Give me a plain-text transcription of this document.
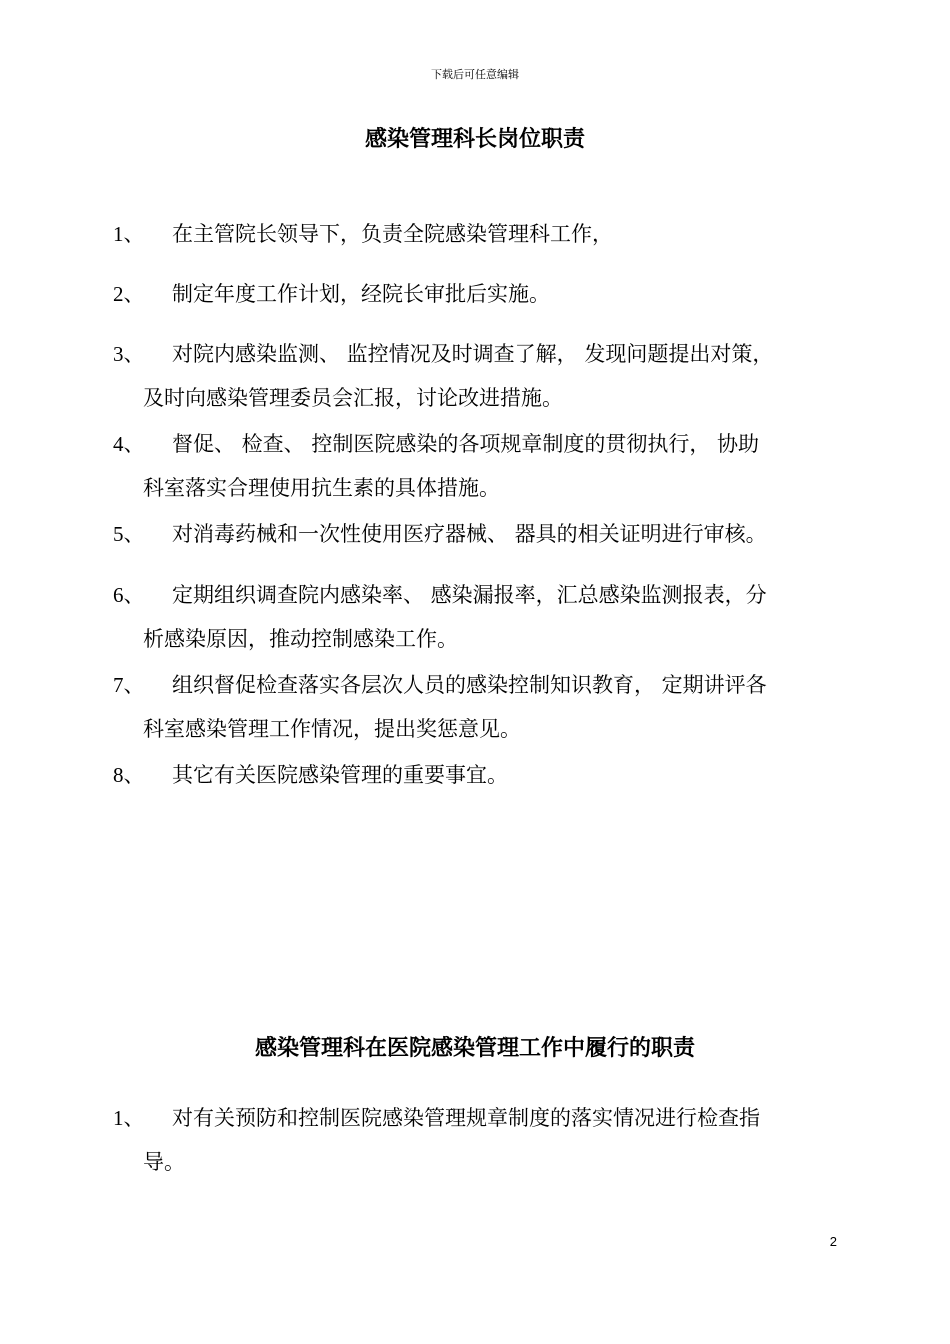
下载后可任意编辑
感染管理科长岗位职责
1、	在主管院长领导下，负责全院感染管理科工作，
2、	制定年度工作计划，经院长审批后实施。
3、	对院内感染监测、 监控情况及时调查了解， 发现问题提出对策，
及时向感染管理委员会汇报，讨论改进措施。
4、	督促、 检查、 控制医院感染的各项规章制度的贯彻执行， 协助
科室落实合理使用抗生素的具体措施。
5、	对消毒药械和一次性使用医疗器械、 器具的相关证明进行审核。
6、	定期组织调查院内感染率、 感染漏报率，汇总感染监测报表，分
析感染原因，推动控制感染工作。
7、	组织督促检查落实各层次人员的感染控制知识教育， 定期讲评各
科室感染管理工作情况，提出奖惩意见。
8、	其它有关医院感染管理的重要事宜。
感染管理科在医院感染管理工作中履行的职责
1、	对有关预防和控制医院感染管理规章制度的落实情况进行检查指
导。
2
